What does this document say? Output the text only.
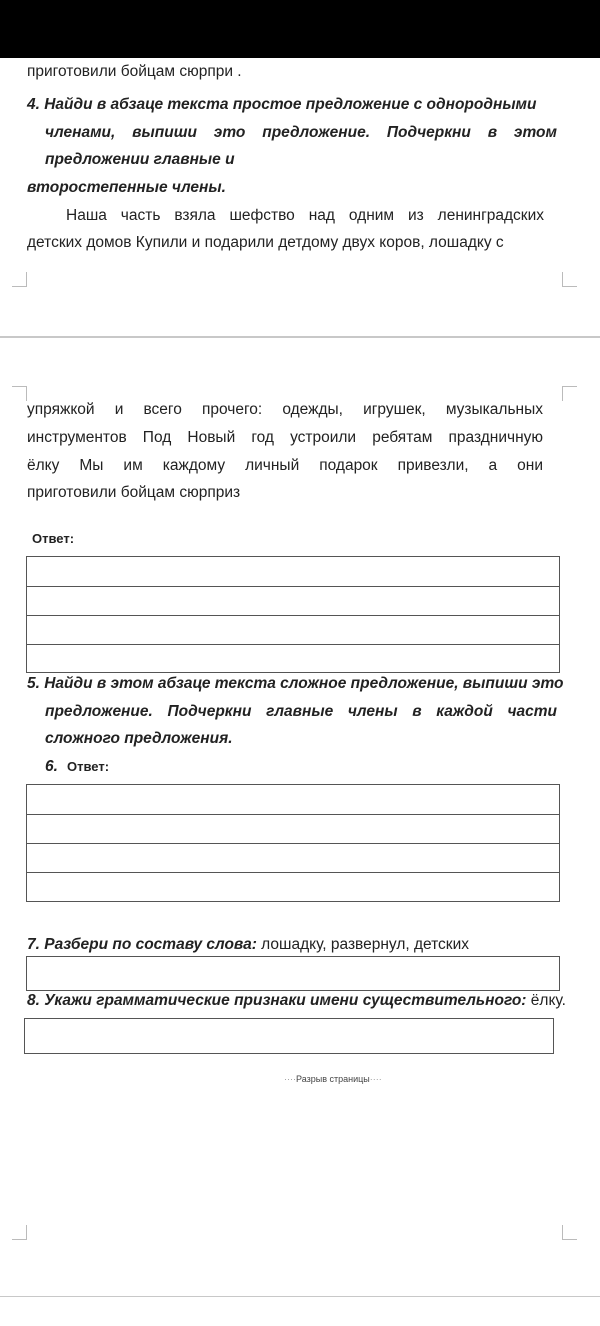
приготовили бойцам сюрпри .
4. Найди в абзаце текста простое предложение с однородными
членами, выпиши это предложение. Подчеркни в этом
предложении главные и
второстепенные члены.
Наша часть взяла шефство над одним из ленинградских
детских домов Купили и подарили детдому двух коров, лошадку с
упряжкой и всего прочего: одежды, игрушек, музыкальных
инструментов Под Новый год устроили ребятам праздничную
ёлку Мы им каждому личный подарок привезли, а они
приготовили бойцам сюрприз
Ответ:
5. Найди в этом абзаце текста сложное предложение, выпиши это
предложение. Подчеркни главные члены в каждой части
сложного предложения.
6. Ответ:
7. Разбери по составу слова: лошадку, развернул, детских
8. Укажи грамматические признаки имени существительного: ёлку.
····Разрыв страницы····
